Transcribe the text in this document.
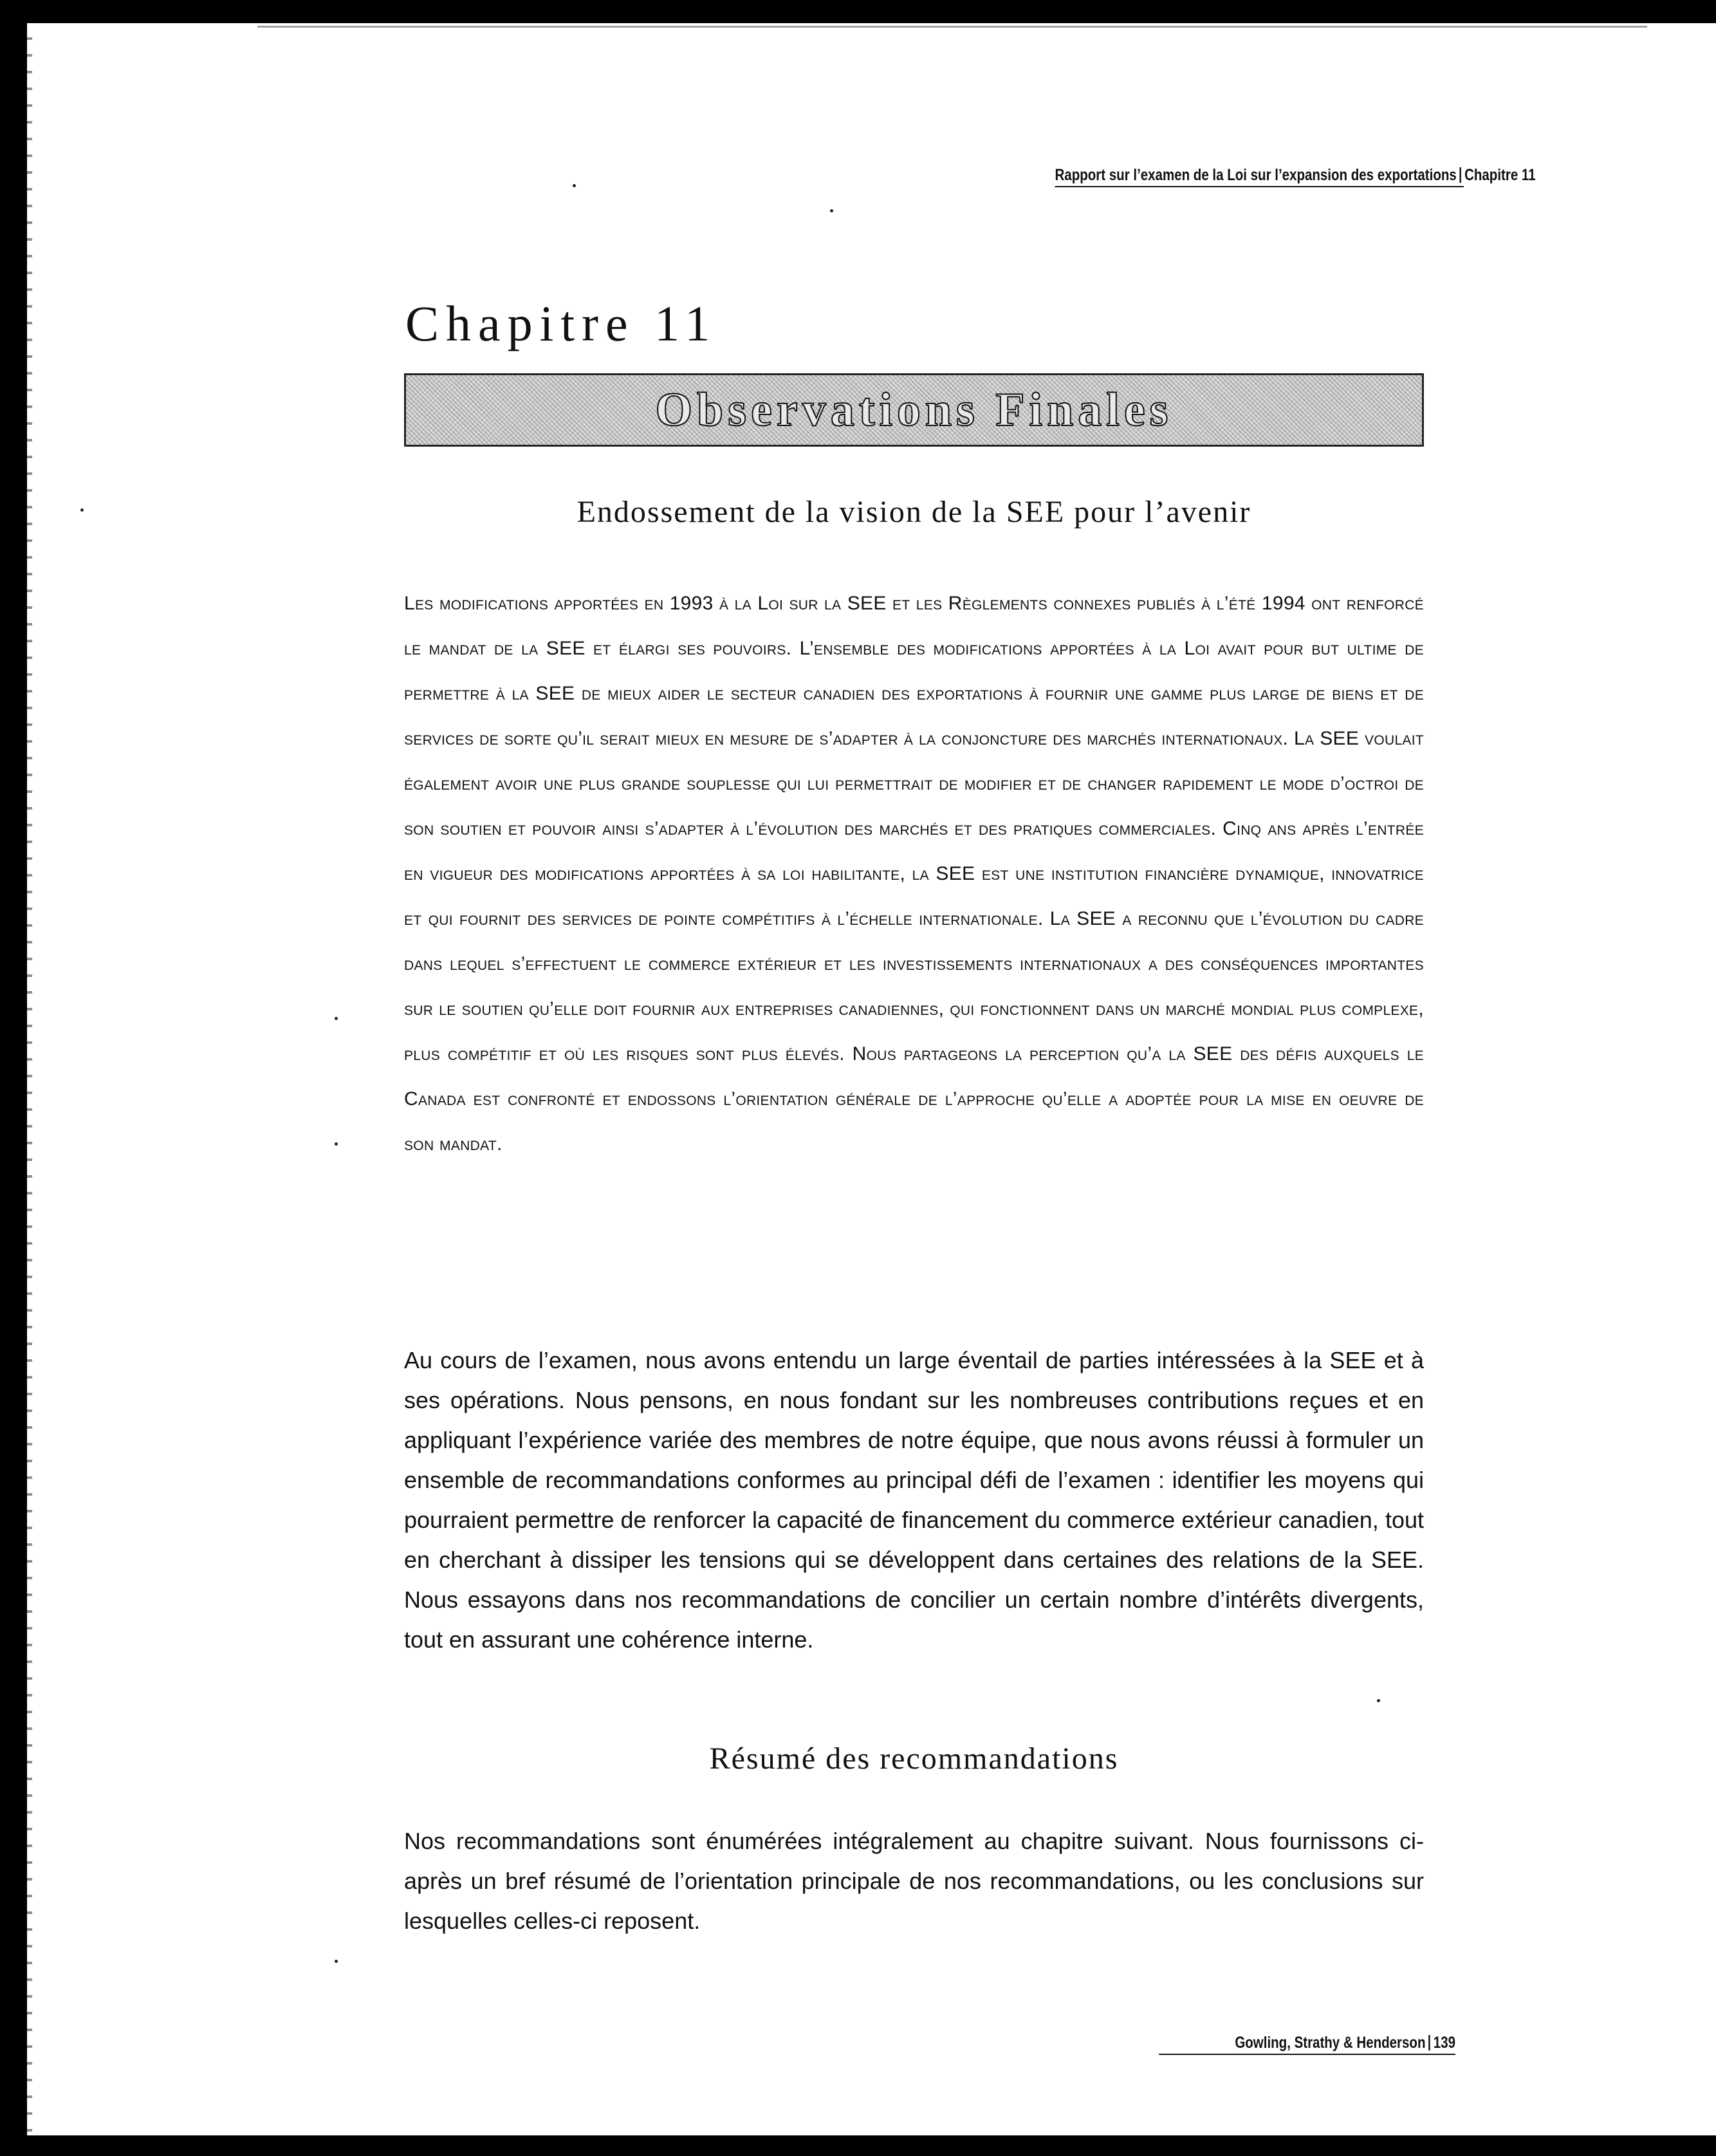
Rapport sur l’examen de la Loi sur l’expansion des exportations Chapitre 11
Chapitre 11
Observations Finales
Endossement de la vision de la SEE pour l’avenir

Les modifications apportées en 1993 à la Loi sur la SEE et les Règlements connexes publiés à l’été 1994 ont renforcé le mandat de la SEE et élargi ses pouvoirs. L’ensemble des modifications apportées à la Loi avait pour but ultime de permettre à la SEE de mieux aider le secteur canadien des exportations à fournir une gamme plus large de biens et de services de sorte qu’il serait mieux en mesure de s’adapter à la conjoncture des marchés internationaux. La SEE voulait également avoir une plus grande souplesse qui lui permettrait de modifier et de changer rapidement le mode d’octroi de son soutien et pouvoir ainsi s’adapter à l’évolution des marchés et des pratiques commerciales. Cinq ans après l’entrée en vigueur des modifications apportées à sa loi habilitante, la SEE est une institution financière dynamique, innovatrice et qui fournit des services de pointe compétitifs à l’échelle internationale. La SEE a reconnu que l’évolution du cadre dans lequel s’effectuent le commerce extérieur et les investissements internationaux a des conséquences importantes sur le soutien qu’elle doit fournir aux entreprises canadiennes, qui fonctionnent dans un marché mondial plus complexe, plus compétitif et où les risques sont plus élevés. Nous partageons la perception qu’a la SEE des défis auxquels le Canada est confronté et endossons l’orientation générale de l’approche qu’elle a adoptée pour la mise en oeuvre de son mandat.

Au cours de l’examen, nous avons entendu un large éventail de parties intéressées à la SEE et à ses opérations. Nous pensons, en nous fondant sur les nombreuses contributions reçues et en appliquant l’expérience variée des membres de notre équipe, que nous avons réussi à formuler un ensemble de recommandations conformes au principal défi de l’examen : identifier les moyens qui pourraient permettre de renforcer la capacité de financement du commerce extérieur canadien, tout en cherchant à dissiper les tensions qui se développent dans certaines des relations de la SEE. Nous essayons dans nos recommandations de concilier un certain nombre d’intérêts divergents, tout en assurant une cohérence interne.

Résumé des recommandations

Nos recommandations sont énumérées intégralement au chapitre suivant. Nous fournissons ci-après un bref résumé de l’orientation principale de nos recommandations, ou les conclusions sur lesquelles celles-ci reposent.

Gowling, Strathy & Henderson 139
